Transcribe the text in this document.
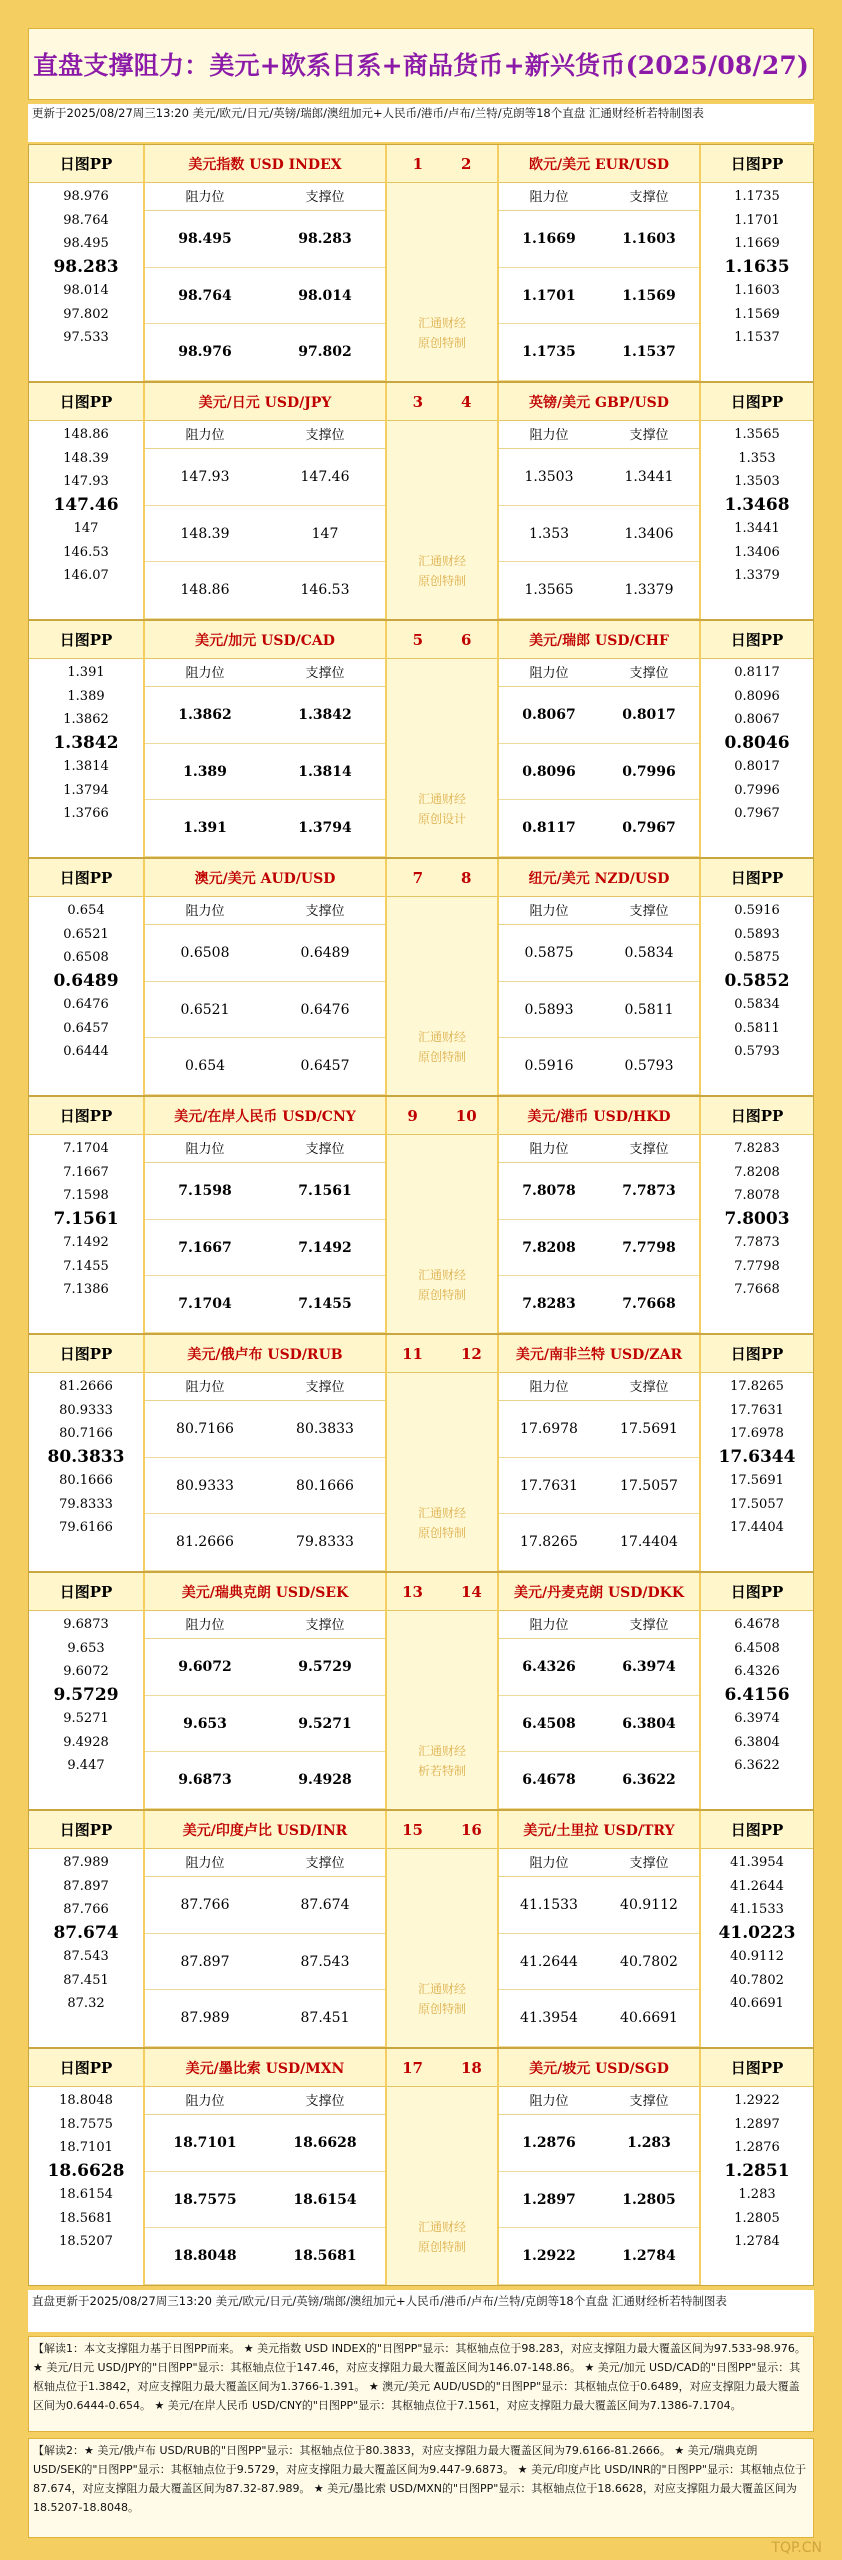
直盘支撑阻力：美元+欧系日系+商品货币+新兴货币(2025/08/27)
更新于2025/08/27周三13:20 美元/欧元/日元/英镑/瑞郎/澳纽加元+人民币/港币/卢布/兰特/克朗等18个直盘 汇通财经析若特制图表
日图PP
98.976
98.764
98.495
98.283
98.014
97.802
97.533
美元指数 USD INDEX
阻力位	支撑位
98.495	98.283
98.764	98.014
98.976	97.802
1	2
汇通财经
原创特制
欧元/美元 EUR/USD
阻力位	支撑位
1.1669	1.1603
1.1701	1.1569
1.1735	1.1537
日图PP
1.1735
1.1701
1.1669
1.1635
1.1603
1.1569
1.1537
日图PP
148.86
148.39
147.93
147.46
147
146.53
146.07
美元/日元 USD/JPY
阻力位	支撑位
147.93	147.46
148.39	147
148.86	146.53
3	4
汇通财经
原创特制
英镑/美元 GBP/USD
阻力位	支撑位
1.3503	1.3441
1.353	1.3406
1.3565	1.3379
日图PP
1.3565
1.353
1.3503
1.3468
1.3441
1.3406
1.3379
日图PP
1.391
1.389
1.3862
1.3842
1.3814
1.3794
1.3766
美元/加元 USD/CAD
阻力位	支撑位
1.3862	1.3842
1.389	1.3814
1.391	1.3794
5	6
汇通财经
原创设计
美元/瑞郎 USD/CHF
阻力位	支撑位
0.8067	0.8017
0.8096	0.7996
0.8117	0.7967
日图PP
0.8117
0.8096
0.8067
0.8046
0.8017
0.7996
0.7967
日图PP
0.654
0.6521
0.6508
0.6489
0.6476
0.6457
0.6444
澳元/美元 AUD/USD
阻力位	支撑位
0.6508	0.6489
0.6521	0.6476
0.654	0.6457
7	8
汇通财经
原创特制
纽元/美元 NZD/USD
阻力位	支撑位
0.5875	0.5834
0.5893	0.5811
0.5916	0.5793
日图PP
0.5916
0.5893
0.5875
0.5852
0.5834
0.5811
0.5793
日图PP
7.1704
7.1667
7.1598
7.1561
7.1492
7.1455
7.1386
美元/在岸人民币 USD/CNY
阻力位	支撑位
7.1598	7.1561
7.1667	7.1492
7.1704	7.1455
9	10
汇通财经
原创特制
美元/港币 USD/HKD
阻力位	支撑位
7.8078	7.7873
7.8208	7.7798
7.8283	7.7668
日图PP
7.8283
7.8208
7.8078
7.8003
7.7873
7.7798
7.7668
日图PP
81.2666
80.9333
80.7166
80.3833
80.1666
79.8333
79.6166
美元/俄卢布 USD/RUB
阻力位	支撑位
80.7166	80.3833
80.9333	80.1666
81.2666	79.8333
11	12
汇通财经
原创特制
美元/南非兰特 USD/ZAR
阻力位	支撑位
17.6978	17.5691
17.7631	17.5057
17.8265	17.4404
日图PP
17.8265
17.7631
17.6978
17.6344
17.5691
17.5057
17.4404
日图PP
9.6873
9.653
9.6072
9.5729
9.5271
9.4928
9.447
美元/瑞典克朗 USD/SEK
阻力位	支撑位
9.6072	9.5729
9.653	9.5271
9.6873	9.4928
13	14
汇通财经
析若特制
美元/丹麦克朗 USD/DKK
阻力位	支撑位
6.4326	6.3974
6.4508	6.3804
6.4678	6.3622
日图PP
6.4678
6.4508
6.4326
6.4156
6.3974
6.3804
6.3622
日图PP
87.989
87.897
87.766
87.674
87.543
87.451
87.32
美元/印度卢比 USD/INR
阻力位	支撑位
87.766	87.674
87.897	87.543
87.989	87.451
15	16
汇通财经
原创特制
美元/土里拉 USD/TRY
阻力位	支撑位
41.1533	40.9112
41.2644	40.7802
41.3954	40.6691
日图PP
41.3954
41.2644
41.1533
41.0223
40.9112
40.7802
40.6691
日图PP
18.8048
18.7575
18.7101
18.6628
18.6154
18.5681
18.5207
美元/墨比索 USD/MXN
阻力位	支撑位
18.7101	18.6628
18.7575	18.6154
18.8048	18.5681
17	18
汇通财经
原创特制
美元/坡元 USD/SGD
阻力位	支撑位
1.2876	1.283
1.2897	1.2805
1.2922	1.2784
日图PP
1.2922
1.2897
1.2876
1.2851
1.283
1.2805
1.2784
直盘更新于2025/08/27周三13:20 美元/欧元/日元/英镑/瑞郎/澳纽加元+人民币/港币/卢布/兰特/克朗等18个直盘 汇通财经析若特制图表
【解读1：本文支撑阻力基于日图PP而来。 ★ 美元指数 USD INDEX的"日图PP"显示：其枢轴点位于98.283，对应支撑阻力最大覆盖区间为97.533-98.976。 ★ 美元/日元 USD/JPY的"日图PP"显示：其枢轴点位于147.46，对应支撑阻力最大覆盖区间为146.07-148.86。 ★ 美元/加元 USD/CAD的"日图PP"显示：其枢轴点位于1.3842，对应支撑阻力最大覆盖区间为1.3766-1.391。 ★ 澳元/美元 AUD/USD的"日图PP"显示：其枢轴点位于0.6489，对应支撑阻力最大覆盖区间为0.6444-0.654。 ★ 美元/在岸人民币 USD/CNY的"日图PP"显示：其枢轴点位于7.1561，对应支撑阻力最大覆盖区间为7.1386-7.1704。
【解读2：★ 美元/俄卢布 USD/RUB的"日图PP"显示：其枢轴点位于80.3833，对应支撑阻力最大覆盖区间为79.6166-81.2666。 ★ 美元/瑞典克朗 USD/SEK的"日图PP"显示：其枢轴点位于9.5729，对应支撑阻力最大覆盖区间为9.447-9.6873。 ★ 美元/印度卢比 USD/INR的"日图PP"显示：其枢轴点位于87.674，对应支撑阻力最大覆盖区间为87.32-87.989。 ★ 美元/墨比索 USD/MXN的"日图PP"显示：其枢轴点位于18.6628，对应支撑阻力最大覆盖区间为18.5207-18.8048。
TQP.CN
